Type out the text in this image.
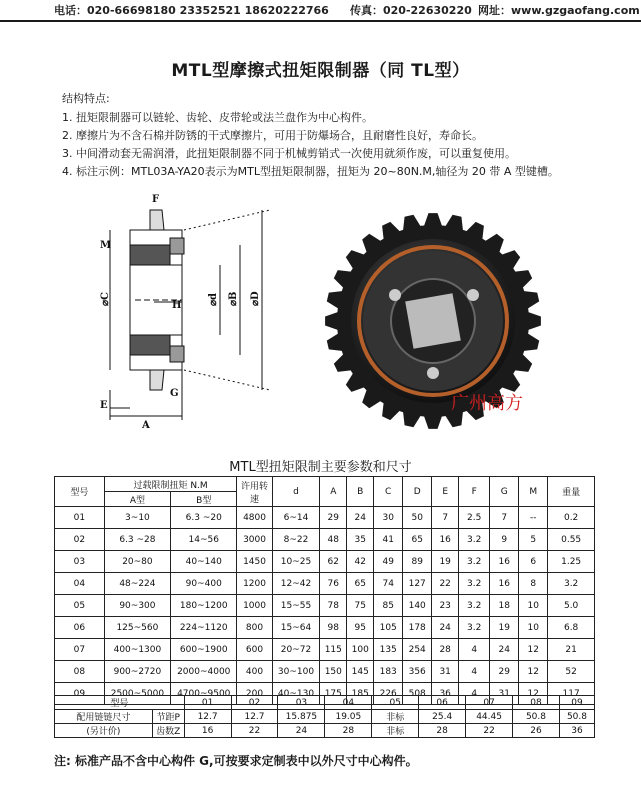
电话：020-66698180 23352521 18620222766 传真：020-22630220 网址：www.gzgaofang.com
MTL型摩擦式扭矩限制器（同 TL型）
结构特点:
1. 扭矩限制器可以链轮、齿轮、皮带轮或法兰盘作为中心构件。
2. 摩擦片为不含石棉并防锈的干式摩擦片，可用于防爆场合，且耐磨性良好，寿命长。
3. 中间滑动套无需润滑，此扭矩限制器不同于机械剪销式一次使用就须作废，可以重复使用。
4. 标注示例：MTL03A-YA20表示为MTL型扭矩限制器，扭矩为 20~80N.M,轴径为 20 带 A 型键槽。
F
M
⌀C	H	⌀d ⌀B ⌀D
E
G
A
广州高方
MTL型扭矩限制主要参数和尺寸
型号	过载限制扭矩 N.M		许用转速	d	A	B	C	D	E	F	G	M	重量
	A型	B型											
01	3~10	6.3 ~20	4800	6~14	29	24	30	50	7	2.5	7	--	0.2
02	6.3 ~28	14~56	3000	8~22	48	35	41	65	16	3.2	9	5	0.55
03	20~80	40~140	1450	10~25	62	42	49	89	19	3.2	16	6	1.25
04	48~224	90~400	1200	12~42	76	65	74	127	22	3.2	16	8	3.2
05	90~300	180~1200	1000	15~55	78	75	85	140	23	3.2	18	10	5.0
06	125~560	224~1120	800	15~64	98	95	105	178	24	3.2	19	10	6.8
07	400~1300	600~1900	600	20~72	115	100	135	254	28	4	24	12	21
08	900~2720	2000~4000	400	30~100	150	145	183	356	31	4	29	12	52
09	2500~5000	4700~9500	200	40~130	175	185	226	508	36	4	31	12	117
型号		01	02	03	04	05	06	07	08	09
配用链链尺寸	节距P	12.7	12.7	15.875	19.05	非标	25.4	44.45	50.8	50.8
(另计价)	齿数Z	16	22	24	28	非标	28	22	26	36
注: 标准产品不含中心构件 G,可按要求定制表中以外尺寸中心构件。
